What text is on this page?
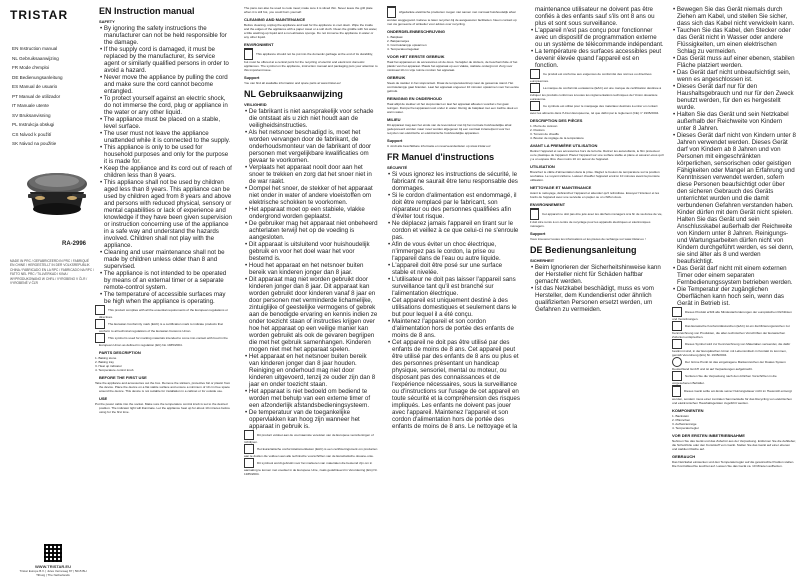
TRISTAR
EN Instruction manual
NL Gebruiksaanwijzing
FR Mode d'emploi
DE Bedienungsanleitung
ES Manual de usuario
PT Manual de utilizador
IT Manuale utente
SV Bruksanvisning
PL Instrukcja obsługi
CS Návod k použití
SK Návod na použitie
RA-2996
MADE IN PRC / GEFABRICEERD IN PRC / FABRIQUÉ EN CHINE / HERGESTELLT IN DER VOLKSREPUBLIK CHINA / FABRICADO EN LA RPC / FABRICADO NA RPC / FATTO NEL PRC / TILLVERKAD I KINA / WYPRODUKOWANO W CHRL / VYROBENO V ČLR / VYROBENÉ V ČĽR
WWW.TRISTAR.EU
Tristar Europe B.V. | Jules Verneweg 87 | 5015 BH Tilburg | The Netherlands
EN Instruction manual
SAFETY

• By ignoring the safety instructions the manufacturer can not be held responsible for the damage.

• If the supply cord is damaged, it must be replaced by the manufacturer, its service agent or similarly qualified persons in order to avoid a hazard.

• Never move the appliance by pulling the cord and make sure the cord cannot become entangled.

• To protect yourself against an electric shock, do not immerse the cord, plug or appliance in the water or any other liquid.

• The appliance must be placed on a stable, level surface.

• The user must not leave the appliance unattended while it is connected to the supply.

• This appliance is only to be used for household purposes and only for the purpose it is made for.

• Keep the appliance and its cord out of reach of children less than 8 years.

• This appliance shall not be used by children aged less than 8 years. This appliance can be used by children aged from 8 years and above and persons with reduced physical, sensory or mental capabilities or lack of experience and knowledge if they have been given supervision or instruction concerning use of the appliance in a safe way and understand the hazards involved. Children shall not play with the appliance.

• Cleaning and user maintenance shall not be made by children unless older than 8 and supervised.

• The appliance is not intended to be operated by means of an external timer or a separate remote-control system.

• The temperature of accessible surfaces may be high when the appliance is operating.

This product complies with all the essential requirements of the European regulations or directives.

The Eurasian Conformity mark (EAC) is a certification mark to indicate products that conform to all technical regulations of the Eurasian Customs Union.

This symbol is used for marking materials intended to come into contact with food in the European Union as defined in regulation (EC) No 1935/2004.

PARTS DESCRIPTION

1. Baking stone

2. Baking tray

3. Heat up indicator

4. Temperature control knob

BEFORE THE FIRST USE

Take the appliance and accessories out the box. Remove the stickers, protective foil or plastic from the device. Place the device on a flat stable surface and ensure a minimum of 10 cm free space around the device. This device is not suitable for installation in a cabinet or for outside use.

USE

Put the power cable into the socket. Make sure the temperature control knob is set to the desired position. The indicator light will illuminate. Let the appliance heat up for about 10 minutes before using for the first time.

The pans can also be used to cook meat; make sure it is sliced thin. Never leave the grill plate when it is still hot, you could burn yourself.

CLEANING AND MAINTENANCE

Before cleaning, unplug the appliance and wait for the appliance to cool down. Wipe the inside and the edges of the appliance with a paper towel or a soft cloth. Clean the griddle with hot water, a little washing-up liquid and a non-abrasive sponge. Do not immerse the appliance in water or any other liquid.

ENVIRONMENT

This appliance should not be put into the domestic garbage at the end of its durability, but must be offered at a central point for the recycling of electric and electronic domestic appliances. The symbol on the appliance, instruction manual and packaging puts your attention to this important issue.

Support

You can find all available information and spare parts at www.tristar.eu!

NL Gebruiksaanwijzing
VEILIGHEID

• De fabrikant is niet aansprakelijk voor schade die ontstaat als u zich niet houdt aan de veiligheidsinstructies.

• Als het netsnoer beschadigd is, moet het worden vervangen door de fabrikant, de onderhoudsmonteur van de fabrikant of door personen met vergelijkbare kwalificaties om gevaar te voorkomen.

• Verplaats het apparaat nooit door aan het snoer te trekken en zorg dat het snoer niet in de war raakt.

• Dompel het snoer, de stekker of het apparaat niet onder in water of andere vloeistoffen om elektrische schokken te voorkomen.

• Het apparaat moet op een stabiele, vlakke ondergrond worden geplaatst.

• De gebruiker mag het apparaat niet onbeheerd achterlaten terwijl het op de voeding is aangesloten.

• Dit apparaat is uitsluitend voor huishoudelijk gebruik en voor het doel waar het voor bestemd is.

• Houd het apparaat en het netsnoer buiten bereik van kinderen jonger dan 8 jaar.

• Dit apparaat mag niet worden gebruikt door kinderen jonger dan 8 jaar. Dit apparaat kan worden gebruikt door kinderen vanaf 8 jaar en door personen met verminderde lichamelijke, zintuiglijke of geestelijke vermogens of gebrek aan de benodigde ervaring en kennis indien ze onder toezicht staan of instructies krijgen over hoe het apparaat op een veilige manier kan worden gebruikt als ook de gevaren begrijpen die met het gebruik samenhangen. Kinderen mogen niet met het apparaat spelen.

• Het apparaat en het netsnoer buiten bereik van kinderen jonger dan 8 jaar houden. Reiniging en onderhoud mag niet door kinderen uitgevoerd, tenzij ze ouder zijn dan 8 jaar en onder toezicht staan.

• Het apparaat is niet bedoeld om bediend te worden met behulp van een externe timer of een afzonderlijk afstandsbedieningsysteem.

• De temperatuur van de toegankelijke oppervlakken kan hoog zijn wanneer het apparaat in gebruik is.

Dit product voldoet aan de voornaamste vereisten van de Europese verordeningen of richtlijnen.

Het Euraziatische conformiteitsmerkteken (EAC) is een certificeringsmerk om producten aan te duiden die voldoen aan alle technische voorschriften van de Euraziatische douane-unie.

Dit symbool wordt gebruikt voor het markeren van materialen die bestemd zijn om in aanraking te komen met voedsel in de Europese Unie, zoals gedefinieerd in Verordening (EG) Nr. 1935/2004.

Afgedankte elektrische producten mogen niet samen met normaal huishoudelijk afval worden weggegooid. Gelieve te laten recyclen bij de aangewezen faciliteiten. Neem contact op met uw gemeente of winkelier voor advies over recycling.

ONDERDELENBESCHRIJVING

1. Bakplaat

2. Bakpannetjes

3. Controlelampje opwarmen

4. Temperatuurregelaar

VOOR HET EERSTE GEBRUIK

Haal het apparaat en de accessoires uit de doos. Verwijder de stickers, de beschermfolie of het plastic van het apparaat. Plaats het apparaat op een vlakke, stabiele ondergrond. Zorg voor minimaal 10 cm vrije ruimte rondom het apparaat.

GEBRUIK

Steek de stekker in het stopcontact. Draai de temperatuurknop naar de gewenste stand. Het controlelampje gaat branden. Laat het apparaat ongeveer 10 minuten opwarmen voor het eerste gebruik.

REINIGING EN ONDERHOUD

Haal altijd de stekker uit het stopcontact en laat het apparaat afkoelen voordat u het gaat reinigen. Dompel het apparaat nooit onder in water. Reinig de bakplaat met een zachte doek en warm water.

MILIEU

Dit apparaat mag aan het einde van de levensduur niet bij het normale huishoudelijke afval gedeponeerd worden maar moet worden afgegeven bij een centraal inzamelpunt voor het recyclen van elektrische en elektronische huishoudelijke apparaten.

Support

U vindt alle beschikbare informatie en reserveonderdelen op www.tristar.eu!

FR Manuel d'instructions
SÉCURITÉ

• Si vous ignorez les instructions de sécurité, le fabricant ne saurait être tenu responsable des dommages.

• Si le cordon d'alimentation est endommagé, il doit être remplacé par le fabricant, son réparateur ou des personnes qualifiées afin d'éviter tout risque.

• Ne déplacez jamais l'appareil en tirant sur le cordon et veillez à ce que celui-ci ne s'enroule pas.

• Afin de vous éviter un choc électrique, n'immergez pas le cordon, la prise ou l'appareil dans de l'eau ou autre liquide.

• L'appareil doit être posé sur une surface stable et nivelée.

• L'utilisateur ne doit pas laisser l'appareil sans surveillance tant qu'il est branché sur l'alimentation électrique.

• Cet appareil est uniquement destiné à des utilisations domestiques et seulement dans le but pour lequel il a été conçu.

• Maintenez l'appareil et son cordon d'alimentation hors de portée des enfants de moins de 8 ans.

• Cet appareil ne doit pas être utilisé par des enfants de moins de 8 ans. Cet appareil peut être utilisé par des enfants de 8 ans ou plus et des personnes présentant un handicap physique, sensoriel, mental ou moteur, ou disposant pas des connaissances et de l'expérience nécessaires, sous la surveillance ou d'instructions sur l'usage de cet appareil en toute sécurité et la compréhension des risques impliqués. Les enfants ne doivent pas jouer avec l'appareil. Maintenez l'appareil et son cordon d'alimentation hors de portée des enfants de moins de 8 ans. Le nettoyage et la

maintenance utilisateur ne doivent pas être confiés à des enfants sauf s'ils ont 8 ans ou plus et sont sous surveillance.

• L'appareil n'est pas conçu pour fonctionner avec un dispositif de programmation externe ou un système de télécommande indépendant.

• La température des surfaces accessibles peut devenir élevée quand l'appareil est en fonction.

Ce produit est conforme aux exigences de conformité des normes ou directives européennes.

La marque de conformité eurasienne (EAC) est une marque de certification destinée à indiquer les produits conformes à toutes les réglementations techniques de l'Union douanière eurasienne.

Ce symbole est utilisé pour le marquage des matériaux destinés à entrer en contact avec les aliments dans l'Union Européenne, tel que défini par le règlement (CE) n° 1935/2004.

DESCRIPTION DES PIÈCES

1. Pierre de cuisson

2. Poêlons

3. Témoin de chauffe

4. Bouton de réglage de la température

AVANT LA PREMIÈRE UTILISATION

Retirez l'appareil et ses accessoires hors de la boîte. Retirez les autocollants, le film protecteur ou le plastique de l'appareil. Placez l'appareil sur une surface stable et plane et assurez-vous qu'il y a un espace libre d'au moins 10 cm autour de l'appareil.

UTILISATION

Branchez le câble d'alimentation dans la prise. Réglez le bouton de température sur la position souhaitée. Le voyant s'allume. Laissez chauffer l'appareil environ 10 minutes avant la première utilisation.

NETTOYAGE ET MAINTENANCE

Avant le nettoyage, débranchez l'appareil et attendez qu'il refroidisse. Essuyez l'intérieur et les bords de l'appareil avec une serviette en papier ou un chiffon doux.

ENVIRONNEMENT

Cet appareil ne doit pas être jeté avec les déchets ménagers à la fin de sa durée de vie, il doit être remis à un centre de recyclage pour les appareils électriques et électroniques ménagers.

Support

Vous trouverez toutes les informations et les pièces de rechange sur www.tristar.eu !

DE Bedienungsanleitung
SICHERHEIT

• Beim Ignorieren der Sicherheitshinweise kann der Hersteller nicht für Schäden haftbar gemacht werden.

• Ist das Netzkabel beschädigt, muss es vom Hersteller, dem Kundendienst oder ähnlich qualifizierten Personen ersetzt werden, um Gefahren zu vermeiden.

• Bewegen Sie das Gerät niemals durch Ziehen am Kabel, und stellen Sie sicher, dass sich das Kabel nicht verwickeln kann.

• Tauchen Sie das Kabel, den Stecker oder das Gerät nicht in Wasser oder andere Flüssigkeiten, um einen elektrischen Schlag zu vermeiden.

• Das Gerät muss auf einer ebenen, stabilen Fläche platziert werden.

• Das Gerät darf nicht unbeaufsichtigt sein, wenn es angeschlossen ist.

• Dieses Gerät darf nur für den Haushaltsgebrauch und nur für den Zweck benutzt werden, für den es hergestellt wurde.

• Halten Sie das Gerät und sein Netzkabel außerhalb der Reichweite von Kindern unter 8 Jahren.

• Dieses Gerät darf nicht von Kindern unter 8 Jahren verwendet werden. Dieses Gerät darf von Kindern ab 8 Jahren und von Personen mit eingeschränkten körperlichen, sensorischen oder geistigen Fähigkeiten oder Mangel an Erfahrung und Kenntnissen verwendet werden, sofern diese Personen beaufsichtigt oder über den sicheren Gebrauch des Geräts unterrichtet wurden und die damit verbundenen Gefahren verstanden haben. Kinder dürfen mit dem Gerät nicht spielen. Halten Sie das Gerät und sein Anschlusskabel außerhalb der Reichweite von Kindern unter 8 Jahren. Reinigungs- und Wartungsarbeiten dürfen nicht von Kindern durchgeführt werden, es sei denn, sie sind älter als 8 und werden beaufsichtigt.

• Das Gerät darf nicht mit einem externen Timer oder einem separaten Fernbedienungssystem betrieben werden.

• Die Temperatur der zugänglichen Oberflächen kann hoch sein, wenn das Gerät in Betrieb ist.

Dieses Produkt erfüllt alle Mindestanforderungen der europäischen Richtlinien und Verordnungen.

Das Eurasische Konformitätszeichen (EAC) ist ein Zertifizierungszeichen zur Kennzeichnung von Produkten, die allen technischen Vorschriften der Eurasischen Zollunion entsprechen.

Dieses Symbol wird zur Kennzeichnung von Materialien verwendet, die dafür bestimmt sind, in der Europäischen Union mit Lebensmitteln in Kontakt zu kommen, gemäß Verordnung (EG) Nr. 1935/2004.

Der Grüne Punkt ist das eingetragene Markenzeichen der Duales System Deutschland GmbH und ist auf Verpackungen aufgebracht.

Sortieren Sie die Verpackung nach den örtlichen Vorschriften in die vorgesehenen Behälter.

Dieses Gerät sollte am Ende seiner Nutzungsdauer nicht im Hausmüll entsorgt werden, sondern muss einer zentralen Sammelstelle für das Recycling von elektrischen und elektronischen Haushaltsgeräten zugeführt werden.

KOMPONENTEN

1. Backstein

2. Pfännchen

3. Aufheizanzeige

4. Temperaturregler

VOR DER ERSTEN INBETRIEBNAHME

Nehmen Sie das Gerät und das Zubehör aus der Verpackung. Entfernen Sie die Aufkleber, die Schutzfolie oder den Kunststoff vom Gerät. Stellen Sie das Gerät auf einer ebenen und stabilen Fläche auf.

GEBRAUCH

Das Netzkabel einstecken und den Temperaturregler auf die gewünschte Position stellen. Die Kontrollleuchte leuchtet auf. Lassen Sie das Gerät ca. 10 Minuten aufheizen.
